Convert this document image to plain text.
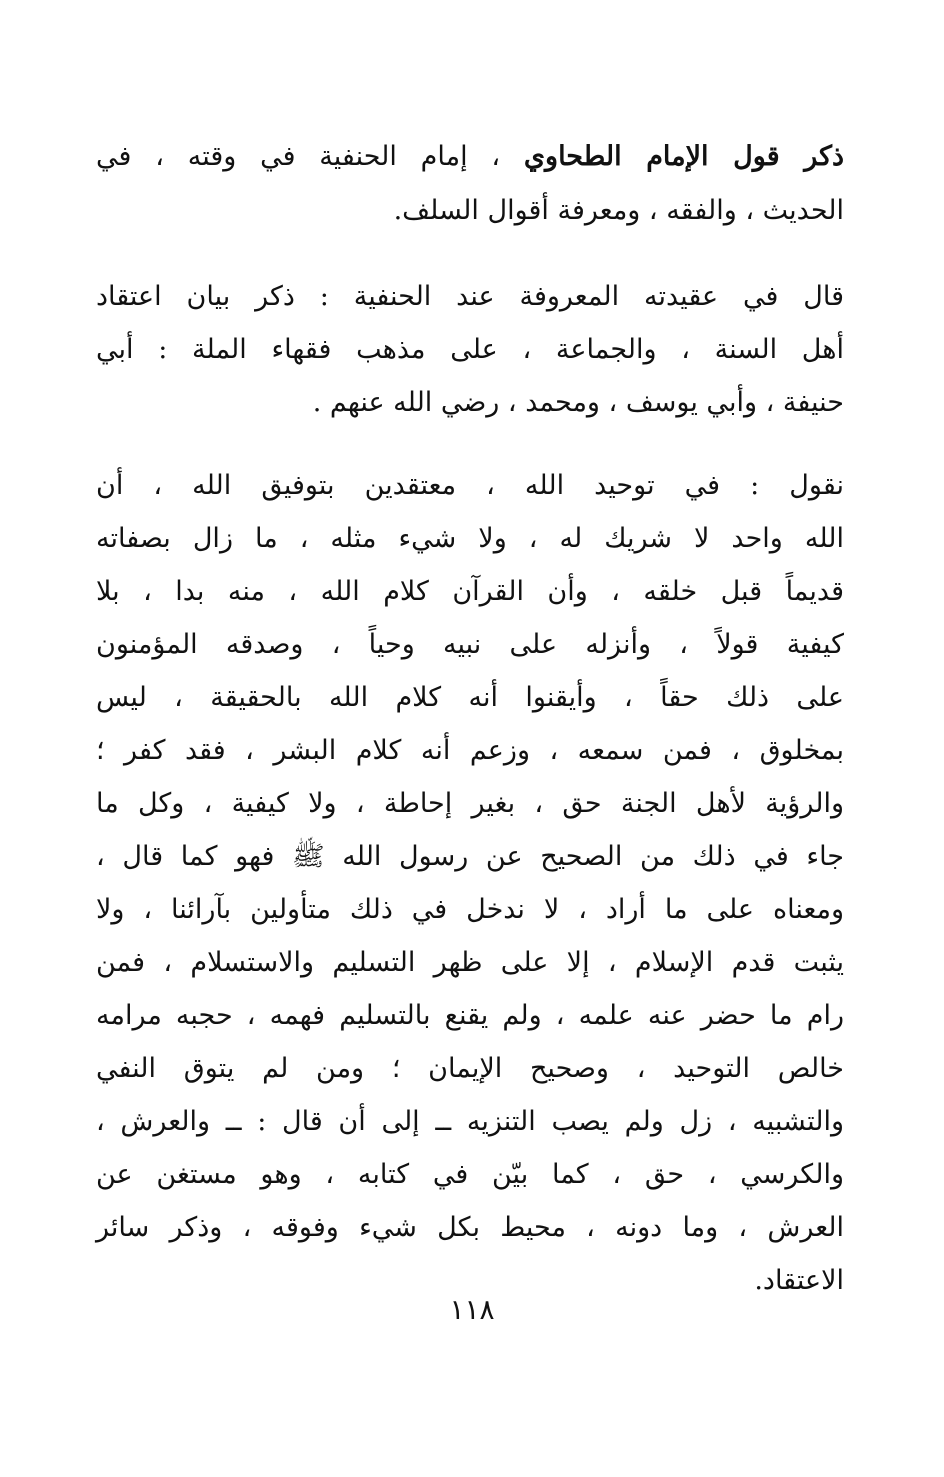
ذكر قول الإمام الطحاوي ، إمام الحنفية في وقته ، في
الحديث ، والفقه ، ومعرفة أقوال السلف.
قال في عقيدته المعروفة عند الحنفية : ذكر بيان اعتقاد
أهل السنة ، والجماعة ، على مذهب فقهاء الملة : أبي
حنيفة ، وأبي يوسف ، ومحمد ، رضي الله عنهم .
نقول : في توحيد الله ، معتقدين بتوفيق الله ، أن
الله واحد لا شريك له ، ولا شيء مثله ، ما زال بصفاته
قديماً قبل خلقه ، وأن القرآن كلام الله ، منه بدا ، بلا
كيفية قولاً ، وأنزله على نبيه وحياً ، وصدقه المؤمنون
على ذلك حقاً ، وأيقنوا أنه كلام الله بالحقيقة ، ليس
بمخلوق ، فمن سمعه ، وزعم أنه كلام البشر ، فقد كفر ؛
والرؤية لأهل الجنة حق ، بغير إحاطة ، ولا كيفية ، وكل ما
جاء في ذلك من الصحيح عن رسول الله ﷺ فهو كما قال ،
ومعناه على ما أراد ، لا ندخل في ذلك متأولين بآرائنا ، ولا
يثبت قدم الإسلام ، إلا على ظهر التسليم والاستسلام ، فمن
رام ما حضر عنه علمه ، ولم يقنع بالتسليم فهمه ، حجبه مرامه
خالص التوحيد ، وصحيح الإيمان ؛ ومن لم يتوق النفي
والتشبيه ، زل ولم يصب التنزيه ــ إلى أن قال : ــ والعرش ،
والكرسي ، حق ، كما بيّن في كتابه ، وهو مستغن عن
العرش ، وما دونه ، محيط بكل شيء وفوقه ، وذكر سائر
الاعتقاد.
١١٨
